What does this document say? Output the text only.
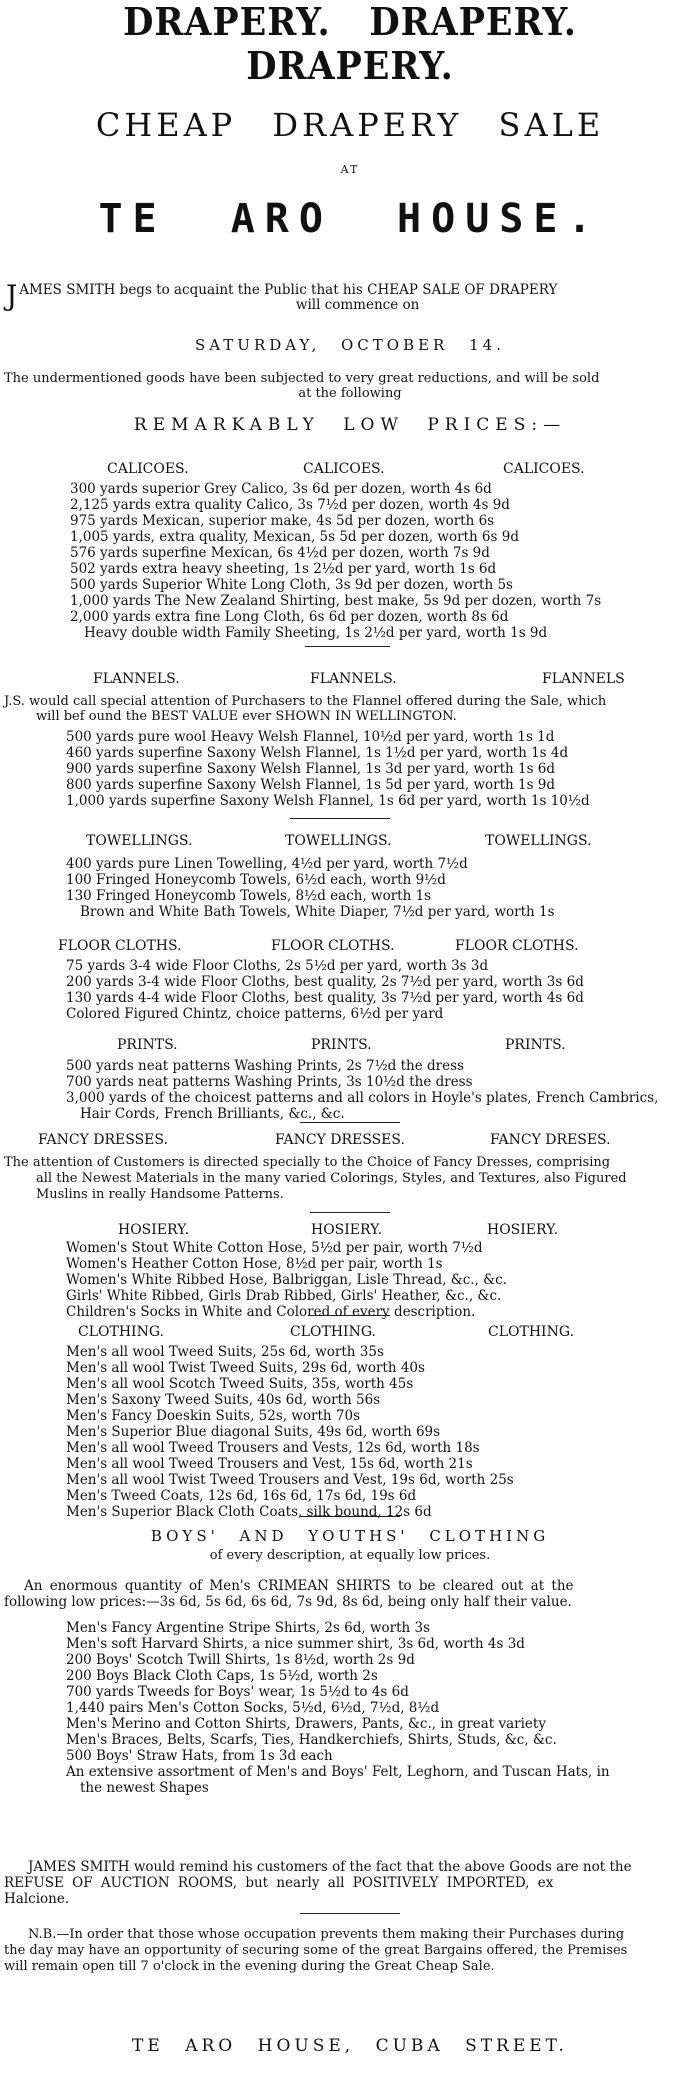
DRAPERY. DRAPERY. DRAPERY.
CHEAP DRAPERY SALE
AT
TE ARO HOUSE.
J AMES SMITH begs to acquaint the Public that his CHEAP SALE OF DRAPERY
will commence on
SATURDAY, OCTOBER 14.
The undermentioned goods have been subjected to very great reductions, and will be sold
at the following
REMARKABLY LOW PRICES:—
CALICOES.	CALICOES.	CALICOES.
300 yards superior Grey Calico, 3s 6d per dozen, worth 4s 6d
2,125 yards extra quality Calico, 3s 7½d per dozen, worth 4s 9d
975 yards Mexican, superior make, 4s 5d per dozen, worth 6s
1,005 yards, extra quality, Mexican, 5s 5d per dozen, worth 6s 9d
576 yards superfine Mexican, 6s 4½d per dozen, worth 7s 9d
502 yards extra heavy sheeting, 1s 2½d per yard, worth 1s 6d
500 yards Superior White Long Cloth, 3s 9d per dozen, worth 5s
1,000 yards The New Zealand Shirting, best make, 5s 9d per dozen, worth 7s
2,000 yards extra fine Long Cloth, 6s 6d per dozen, worth 8s 6d
Heavy double width Family Sheeting, 1s 2½d per yard, worth 1s 9d
FLANNELS.	FLANNELS.	FLANNELS
J.S. would call special attention of Purchasers to the Flannel offered during the Sale, which
will bef ound the BEST VALUE ever SHOWN IN WELLINGTON.
500 yards pure wool Heavy Welsh Flannel, 10½d per yard, worth 1s 1d
460 yards superfine Saxony Welsh Flannel, 1s 1½d per yard, worth 1s 4d
900 yards superfine Saxony Welsh Flannel, 1s 3d per yard, worth 1s 6d
800 yards superfine Saxony Welsh Flannel, 1s 5d per yard, worth 1s 9d
1,000 yards superfine Saxony Welsh Flannel, 1s 6d per yard, worth 1s 10½d
TOWELLINGS.	TOWELLINGS.	TOWELLINGS.
400 yards pure Linen Towelling, 4½d per yard, worth 7½d
100 Fringed Honeycomb Towels, 6½d each, worth 9½d
130 Fringed Honeycomb Towels, 8½d each, worth 1s
Brown and White Bath Towels, White Diaper, 7½d per yard, worth 1s
FLOOR CLOTHS.	FLOOR CLOTHS.	FLOOR CLOTHS.
75 yards 3-4 wide Floor Cloths, 2s 5½d per yard, worth 3s 3d
200 yards 3-4 wide Floor Cloths, best quality, 2s 7½d per yard, worth 3s 6d
130 yards 4-4 wide Floor Cloths, best quality, 3s 7½d per yard, worth 4s 6d
Colored Figured Chintz, choice patterns, 6½d per yard
PRINTS.	PRINTS.	PRINTS.
500 yards neat patterns Washing Prints, 2s 7½d the dress
700 yards neat patterns Washing Prints, 3s 10½d the dress
3,000 yards of the choicest patterns and all colors in Hoyle's plates, French Cambrics,
Hair Cords, French Brilliants, &c., &c.
FANCY DRESSES.	FANCY DRESSES.	FANCY DRESES.
The attention of Customers is directed specially to the Choice of Fancy Dresses, comprising
all the Newest Materials in the many varied Colorings, Styles, and Textures, also Figured
Muslins in really Handsome Patterns.
HOSIERY.	HOSIERY.	HOSIERY.
Women's Stout White Cotton Hose, 5½d per pair, worth 7½d
Women's Heather Cotton Hose, 8½d per pair, worth 1s
Women's White Ribbed Hose, Balbriggan, Lisle Thread, &c., &c.
Girls' White Ribbed, Girls Drab Ribbed, Girls' Heather, &c., &c.
Children's Socks in White and Colored of every description.
CLOTHING.	CLOTHING.	CLOTHING.
Men's all wool Tweed Suits, 25s 6d, worth 35s
Men's all wool Twist Tweed Suits, 29s 6d, worth 40s
Men's all wool Scotch Tweed Suits, 35s, worth 45s
Men's Saxony Tweed Suits, 40s 6d, worth 56s
Men's Fancy Doeskin Suits, 52s, worth 70s
Men's Superior Blue diagonal Suits, 49s 6d, worth 69s
Men's all wool Tweed Trousers and Vests, 12s 6d, worth 18s
Men's all wool Tweed Trousers and Vest, 15s 6d, worth 21s
Men's all wool Twist Tweed Trousers and Vest, 19s 6d, worth 25s
Men's Tweed Coats, 12s 6d, 16s 6d, 17s 6d, 19s 6d
Men's Superior Black Cloth Coats, silk bound, 12s 6d
BOYS' AND YOUTHS' CLOTHING
of every description, at equally low prices.
An enormous quantity of Men's CRIMEAN SHIRTS to be cleared out at the
following low prices:—3s 6d, 5s 6d, 6s 6d, 7s 9d, 8s 6d, being only half their value.
Men's Fancy Argentine Stripe Shirts, 2s 6d, worth 3s
Men's soft Harvard Shirts, a nice summer shirt, 3s 6d, worth 4s 3d
200 Boys' Scotch Twill Shirts, 1s 8½d, worth 2s 9d
200 Boys Black Cloth Caps, 1s 5½d, worth 2s
700 yards Tweeds for Boys' wear, 1s 5½d to 4s 6d
1,440 pairs Men's Cotton Socks, 5½d, 6½d, 7½d, 8½d
Men's Merino and Cotton Shirts, Drawers, Pants, &c., in great variety
Men's Braces, Belts, Scarfs, Ties, Handkerchiefs, Shirts, Studs, &c, &c.
500 Boys' Straw Hats, from 1s 3d each
An extensive assortment of Men's and Boys' Felt, Leghorn, and Tuscan Hats, in
the newest Shapes
JAMES SMITH would remind his customers of the fact that the above Goods are not the
REFUSE OF AUCTION ROOMS, but nearly all POSITIVELY IMPORTED, ex
Halcione.
N.B.—In order that those whose occupation prevents them making their Purchases during
the day may have an opportunity of securing some of the great Bargains offered, the Premises
will remain open till 7 o'clock in the evening during the Great Cheap Sale.
TE ARO HOUSE, CUBA STREET.
